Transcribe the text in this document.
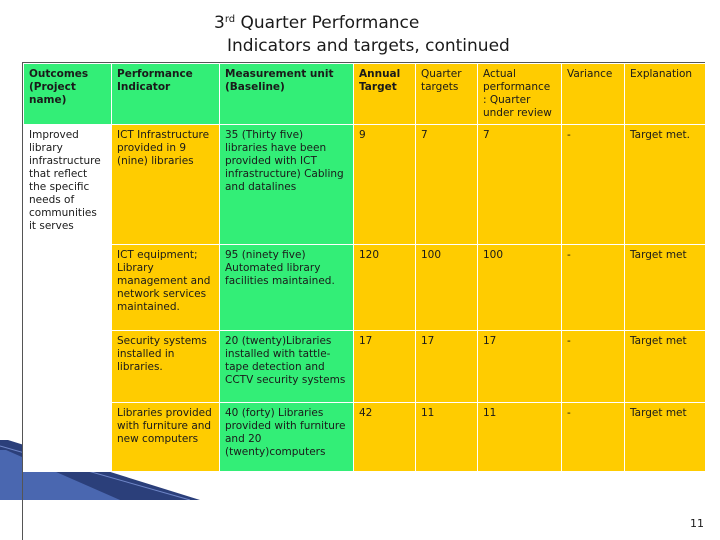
3rd Quarter Performance
Indicators and targets, continued
Outcomes (Project name)	Performance Indicator	Measurement unit (Baseline)	Annual Target	Quarter targets	Actual performance : Quarter under review	Variance	Explanation
Improved library infrastructure that reflect the specific needs of communities it serves	ICT Infrastructure provided in 9 (nine) libraries	35 (Thirty five) libraries have been provided with ICT infrastructure) Cabling and datalines	9	7	7	-	Target met.
	ICT equipment; Library management and network services maintained.	95 (ninety five) Automated library facilities maintained.	120	100	100	-	Target met
	Security systems installed in libraries.	20 (twenty)Libraries installed with tattle-tape detection and CCTV security systems	17	17	17	-	Target met
	Libraries provided with furniture and new computers	40 (forty) Libraries provided with furniture and 20 (twenty)computers	42	11	11	-	Target met
11
